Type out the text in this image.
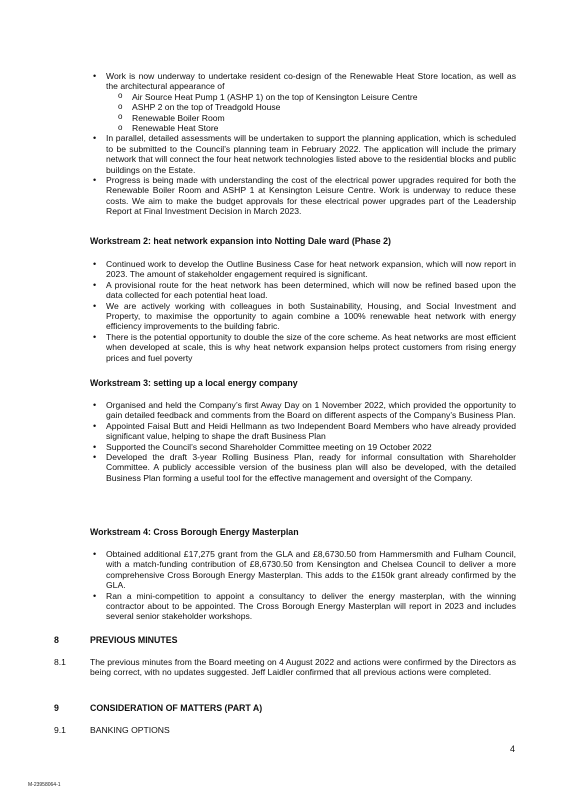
• Work is now underway to undertake resident co-design of the Renewable Heat Store location, as well as the architectural appearance of
o Air Source Heat Pump 1 (ASHP 1) on the top of Kensington Leisure Centre
o ASHP 2 on the top of Treadgold House
o Renewable Boiler Room
o Renewable Heat Store
• In parallel, detailed assessments will be undertaken to support the planning application, which is scheduled to be submitted to the Council’s planning team in February 2022. The application will include the primary network that will connect the four heat network technologies listed above to the residential blocks and public buildings on the Estate.
• Progress is being made with understanding the cost of the electrical power upgrades required for both the Renewable Boiler Room and ASHP 1 at Kensington Leisure Centre. Work is underway to reduce these costs. We aim to make the budget approvals for these electrical power upgrades part of the Leadership Report at Final Investment Decision in March 2023.
Workstream 2: heat network expansion into Notting Dale ward (Phase 2)
• Continued work to develop the Outline Business Case for heat network expansion, which will now report in 2023. The amount of stakeholder engagement required is significant.
• A provisional route for the heat network has been determined, which will now be refined based upon the data collected for each potential heat load.
• We are actively working with colleagues in both Sustainability, Housing, and Social Investment and Property, to maximise the opportunity to again combine a 100% renewable heat network with energy efficiency improvements to the building fabric.
• There is the potential opportunity to double the size of the core scheme. As heat networks are most efficient when developed at scale, this is why heat network expansion helps protect customers from rising energy prices and fuel poverty
Workstream 3: setting up a local energy company
• Organised and held the Company’s first Away Day on 1 November 2022, which provided the opportunity to gain detailed feedback and comments from the Board on different aspects of the Company’s Business Plan.
• Appointed Faisal Butt and Heidi Hellmann as two Independent Board Members who have already provided significant value, helping to shape the draft Business Plan
• Supported the Council’s second Shareholder Committee meeting on 19 October 2022
• Developed the draft 3-year Rolling Business Plan, ready for informal consultation with Shareholder Committee. A publicly accessible version of the business plan will also be developed, with the detailed Business Plan forming a useful tool for the effective management and oversight of the Company.
Workstream 4: Cross Borough Energy Masterplan
• Obtained additional £17,275 grant from the GLA and £8,6730.50 from Hammersmith and Fulham Council, with a match-funding contribution of £8,6730.50 from Kensington and Chelsea Council to deliver a more comprehensive Cross Borough Energy Masterplan. This adds to the £150k grant already confirmed by the GLA.
• Ran a mini-competition to appoint a consultancy to deliver the energy masterplan, with the winning contractor about to be appointed. The Cross Borough Energy Masterplan will report in 2023 and includes several senior stakeholder workshops.
8	PREVIOUS MINUTES
8.1	The previous minutes from the Board meeting on 4 August 2022 and actions were confirmed by the Directors as being correct, with no updates suggested. Jeff Laidler confirmed that all previous actions were completed.
9	CONSIDERATION OF MATTERS (PART A)
9.1	BANKING OPTIONS
4
M-23958064-1
